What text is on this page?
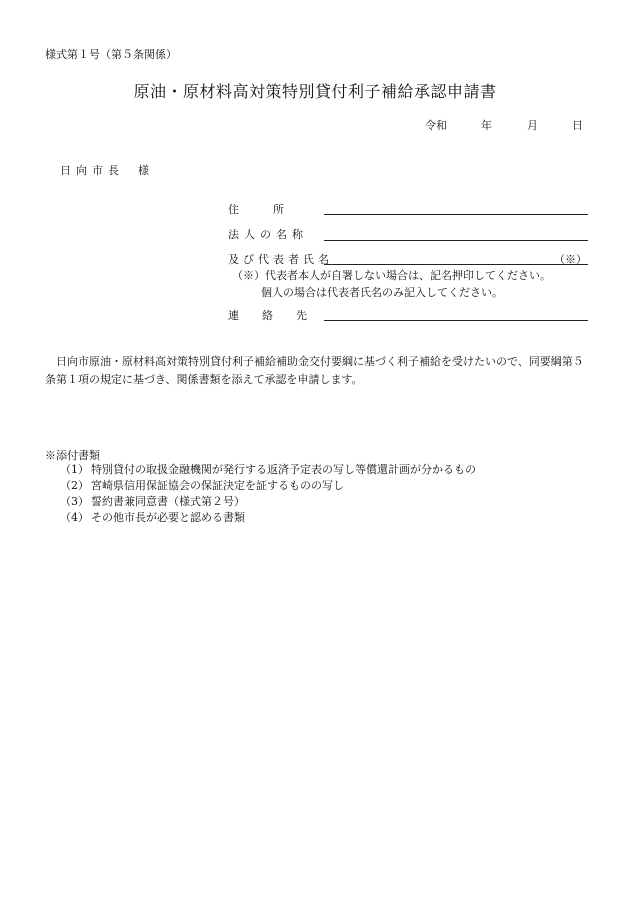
様式第１号（第５条関係）
原油・原材料高対策特別貸付利子補給承認申請書
令和	年	月	日
日向市長 様
住所
法人の名称
及び代表者氏名	（※）
（※）代表者本人が自署しない場合は、記名押印してください。
個人の場合は代表者氏名のみ記入してください。
連絡先
日向市原油・原材料高対策特別貸付利子補給補助金交付要綱に基づく利子補給を受けたいので、同要綱第５条第１項の規定に基づき、関係書類を添えて承認を申請します。
※添付書類
（1） 特別貸付の取扱金融機関が発行する返済予定表の写し等償還計画が分かるもの
（2） 宮崎県信用保証協会の保証決定を証するものの写し
（3） 誓約書兼同意書（様式第２号）
（4） その他市長が必要と認める書類
